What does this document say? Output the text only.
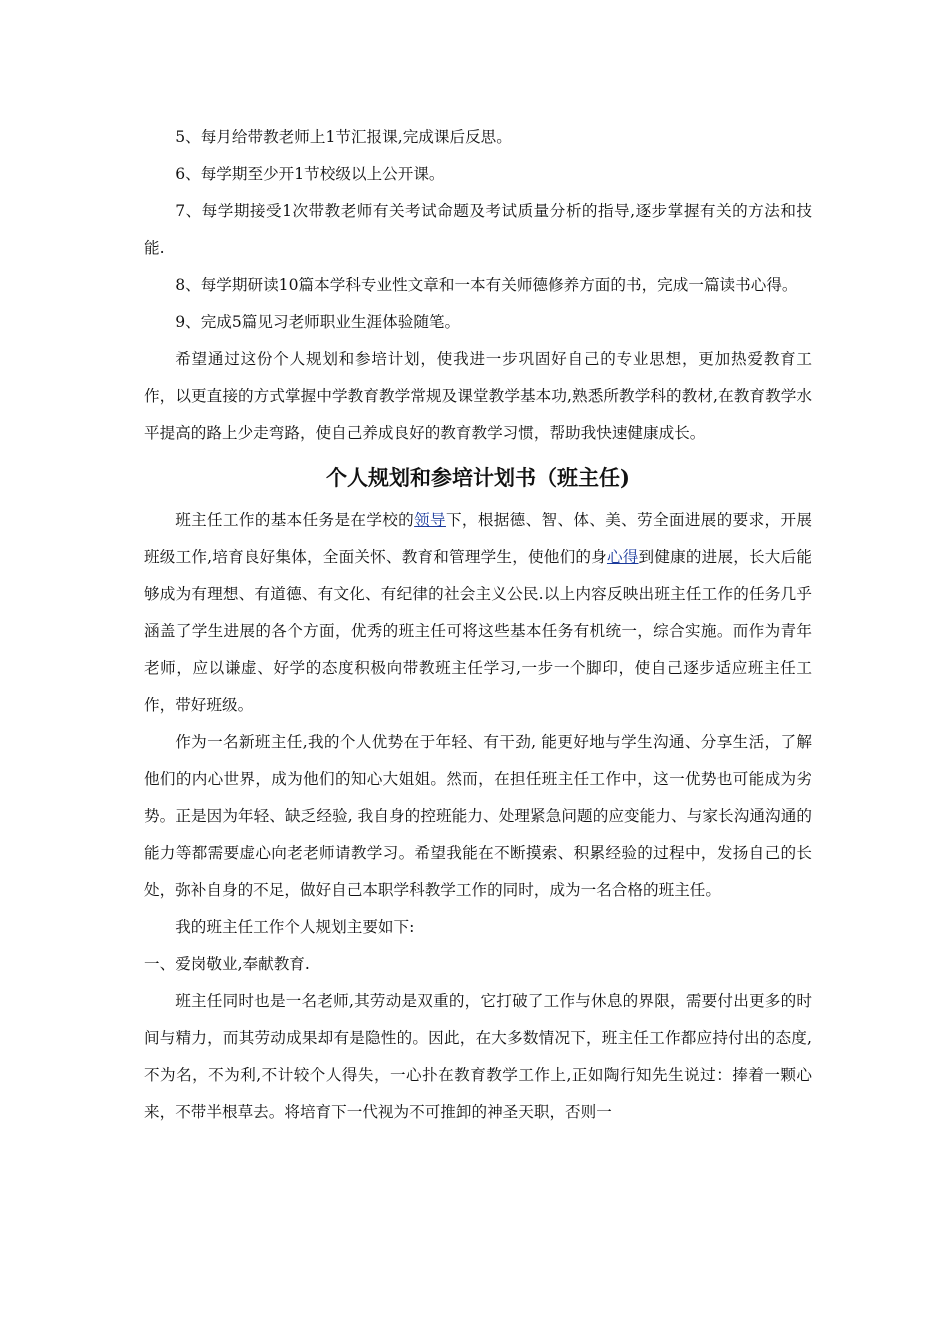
5、每月给带教老师上1节汇报课,完成课后反思。

6、每学期至少开1节校级以上公开课。

7、每学期接受1次带教老师有关考试命题及考试质量分析的指导,逐步掌握有关的方法和技能.

8、每学期研读10篇本学科专业性文章和一本有关师德修养方面的书，完成一篇读书心得。

9、完成5篇见习老师职业生涯体验随笔。

希望通过这份个人规划和参培计划，使我进一步巩固好自己的专业思想，更加热爱教育工作，以更直接的方式掌握中学教育教学常规及课堂教学基本功,熟悉所教学科的教材,在教育教学水平提高的路上少走弯路，使自己养成良好的教育教学习惯，帮助我快速健康成长。

个人规划和参培计划书（班主任)

班主任工作的基本任务是在学校的领导下，根据德、智、体、美、劳全面进展的要求，开展班级工作,培育良好集体，全面关怀、教育和管理学生，使他们的身心得到健康的进展，长大后能够成为有理想、有道德、有文化、有纪律的社会主义公民.以上内容反映出班主任工作的任务几乎涵盖了学生进展的各个方面，优秀的班主任可将这些基本任务有机统一，综合实施。而作为青年老师，应以谦虚、好学的态度积极向带教班主任学习,一步一个脚印，使自己逐步适应班主任工作，带好班级。

作为一名新班主任,我的个人优势在于年轻、有干劲, 能更好地与学生沟通、分享生活，了解他们的内心世界，成为他们的知心大姐姐。然而，在担任班主任工作中，这一优势也可能成为劣势。正是因为年轻、缺乏经验, 我自身的控班能力、处理紧急问题的应变能力、与家长沟通沟通的能力等都需要虚心向老老师请教学习。希望我能在不断摸索、积累经验的过程中，发扬自己的长处，弥补自身的不足，做好自己本职学科教学工作的同时，成为一名合格的班主任。

我的班主任工作个人规划主要如下:

一、爱岗敬业,奉献教育.

班主任同时也是一名老师,其劳动是双重的，它打破了工作与休息的界限，需要付出更多的时间与精力，而其劳动成果却有是隐性的。因此，在大多数情况下，班主任工作都应持付出的态度,不为名，不为利,不计较个人得失，一心扑在教育教学工作上,正如陶行知先生说过：捧着一颗心来，不带半根草去。将培育下一代视为不可推卸的神圣天职，否则一
